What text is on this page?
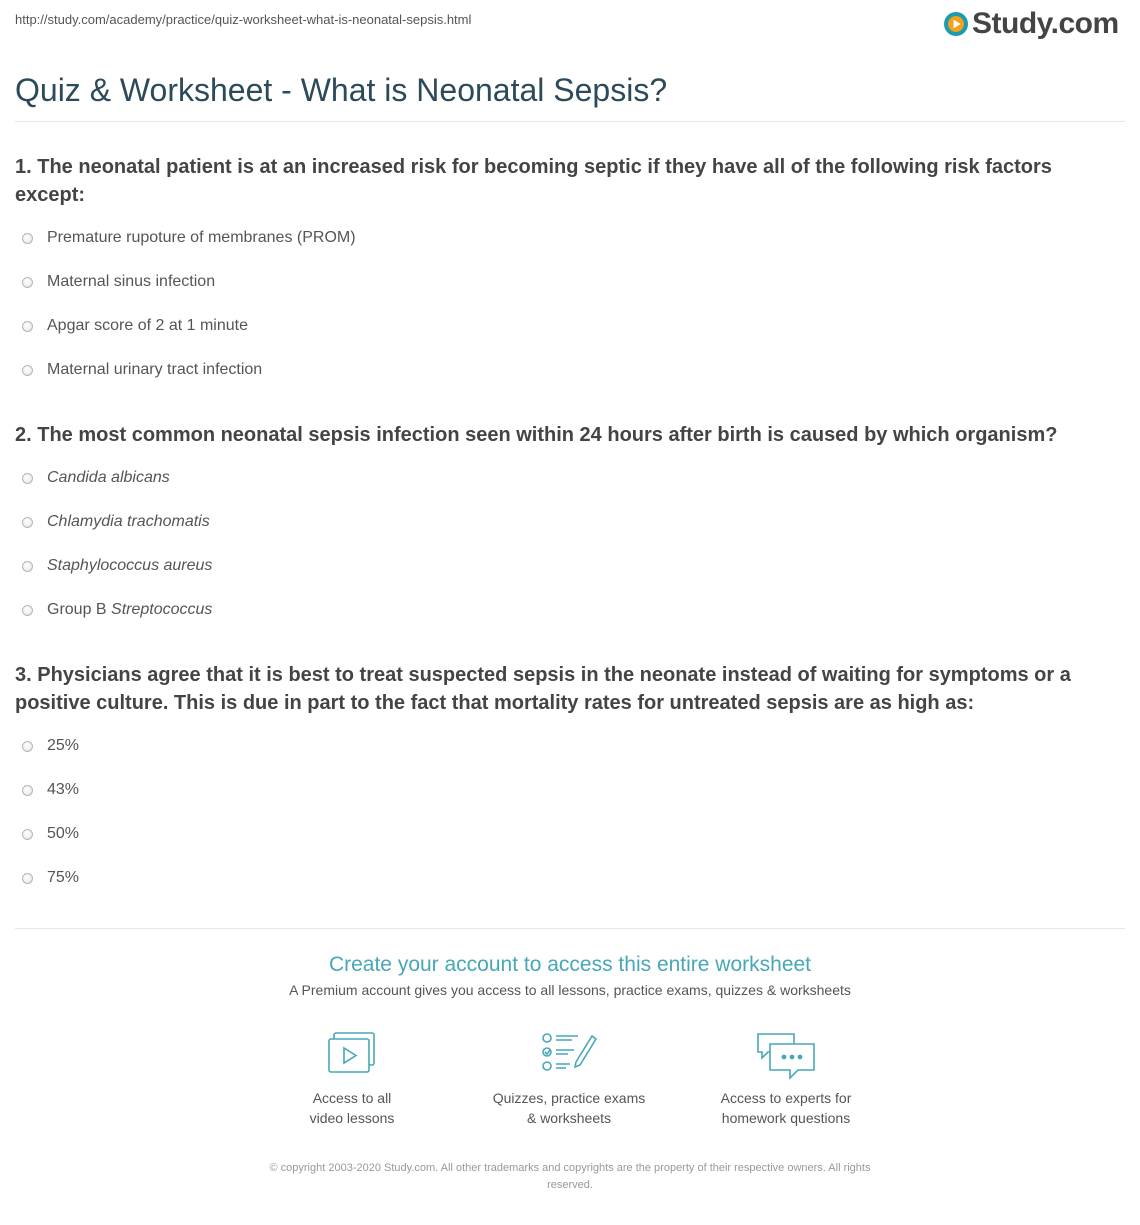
http://study.com/academy/practice/quiz-worksheet-what-is-neonatal-sepsis.html	Study.com
Quiz & Worksheet - What is Neonatal Sepsis?

1. The neonatal patient is at an increased risk for becoming septic if they have all of the following risk factors except:

Premature rupoture of membranes (PROM)
Maternal sinus infection
Apgar score of 2 at 1 minute
Maternal urinary tract infection

2. The most common neonatal sepsis infection seen within 24 hours after birth is caused by which organism?

Candida albicans
Chlamydia trachomatis
Staphylococcus aureus
Group B Streptococcus

3. Physicians agree that it is best to treat suspected sepsis in the neonate instead of waiting for symptoms or a positive culture. This is due in part to the fact that mortality rates for untreated sepsis are as high as:

25%
43%
50%
75%
Create your account to access this entire worksheet
A Premium account gives you access to all lessons, practice exams, quizzes & worksheets
Access to all
video lessons
Quizzes, practice exams
& worksheets
Access to experts for
homework questions
© copyright 2003-2020 Study.com. All other trademarks and copyrights are the property of their respective owners. All rights
reserved.
